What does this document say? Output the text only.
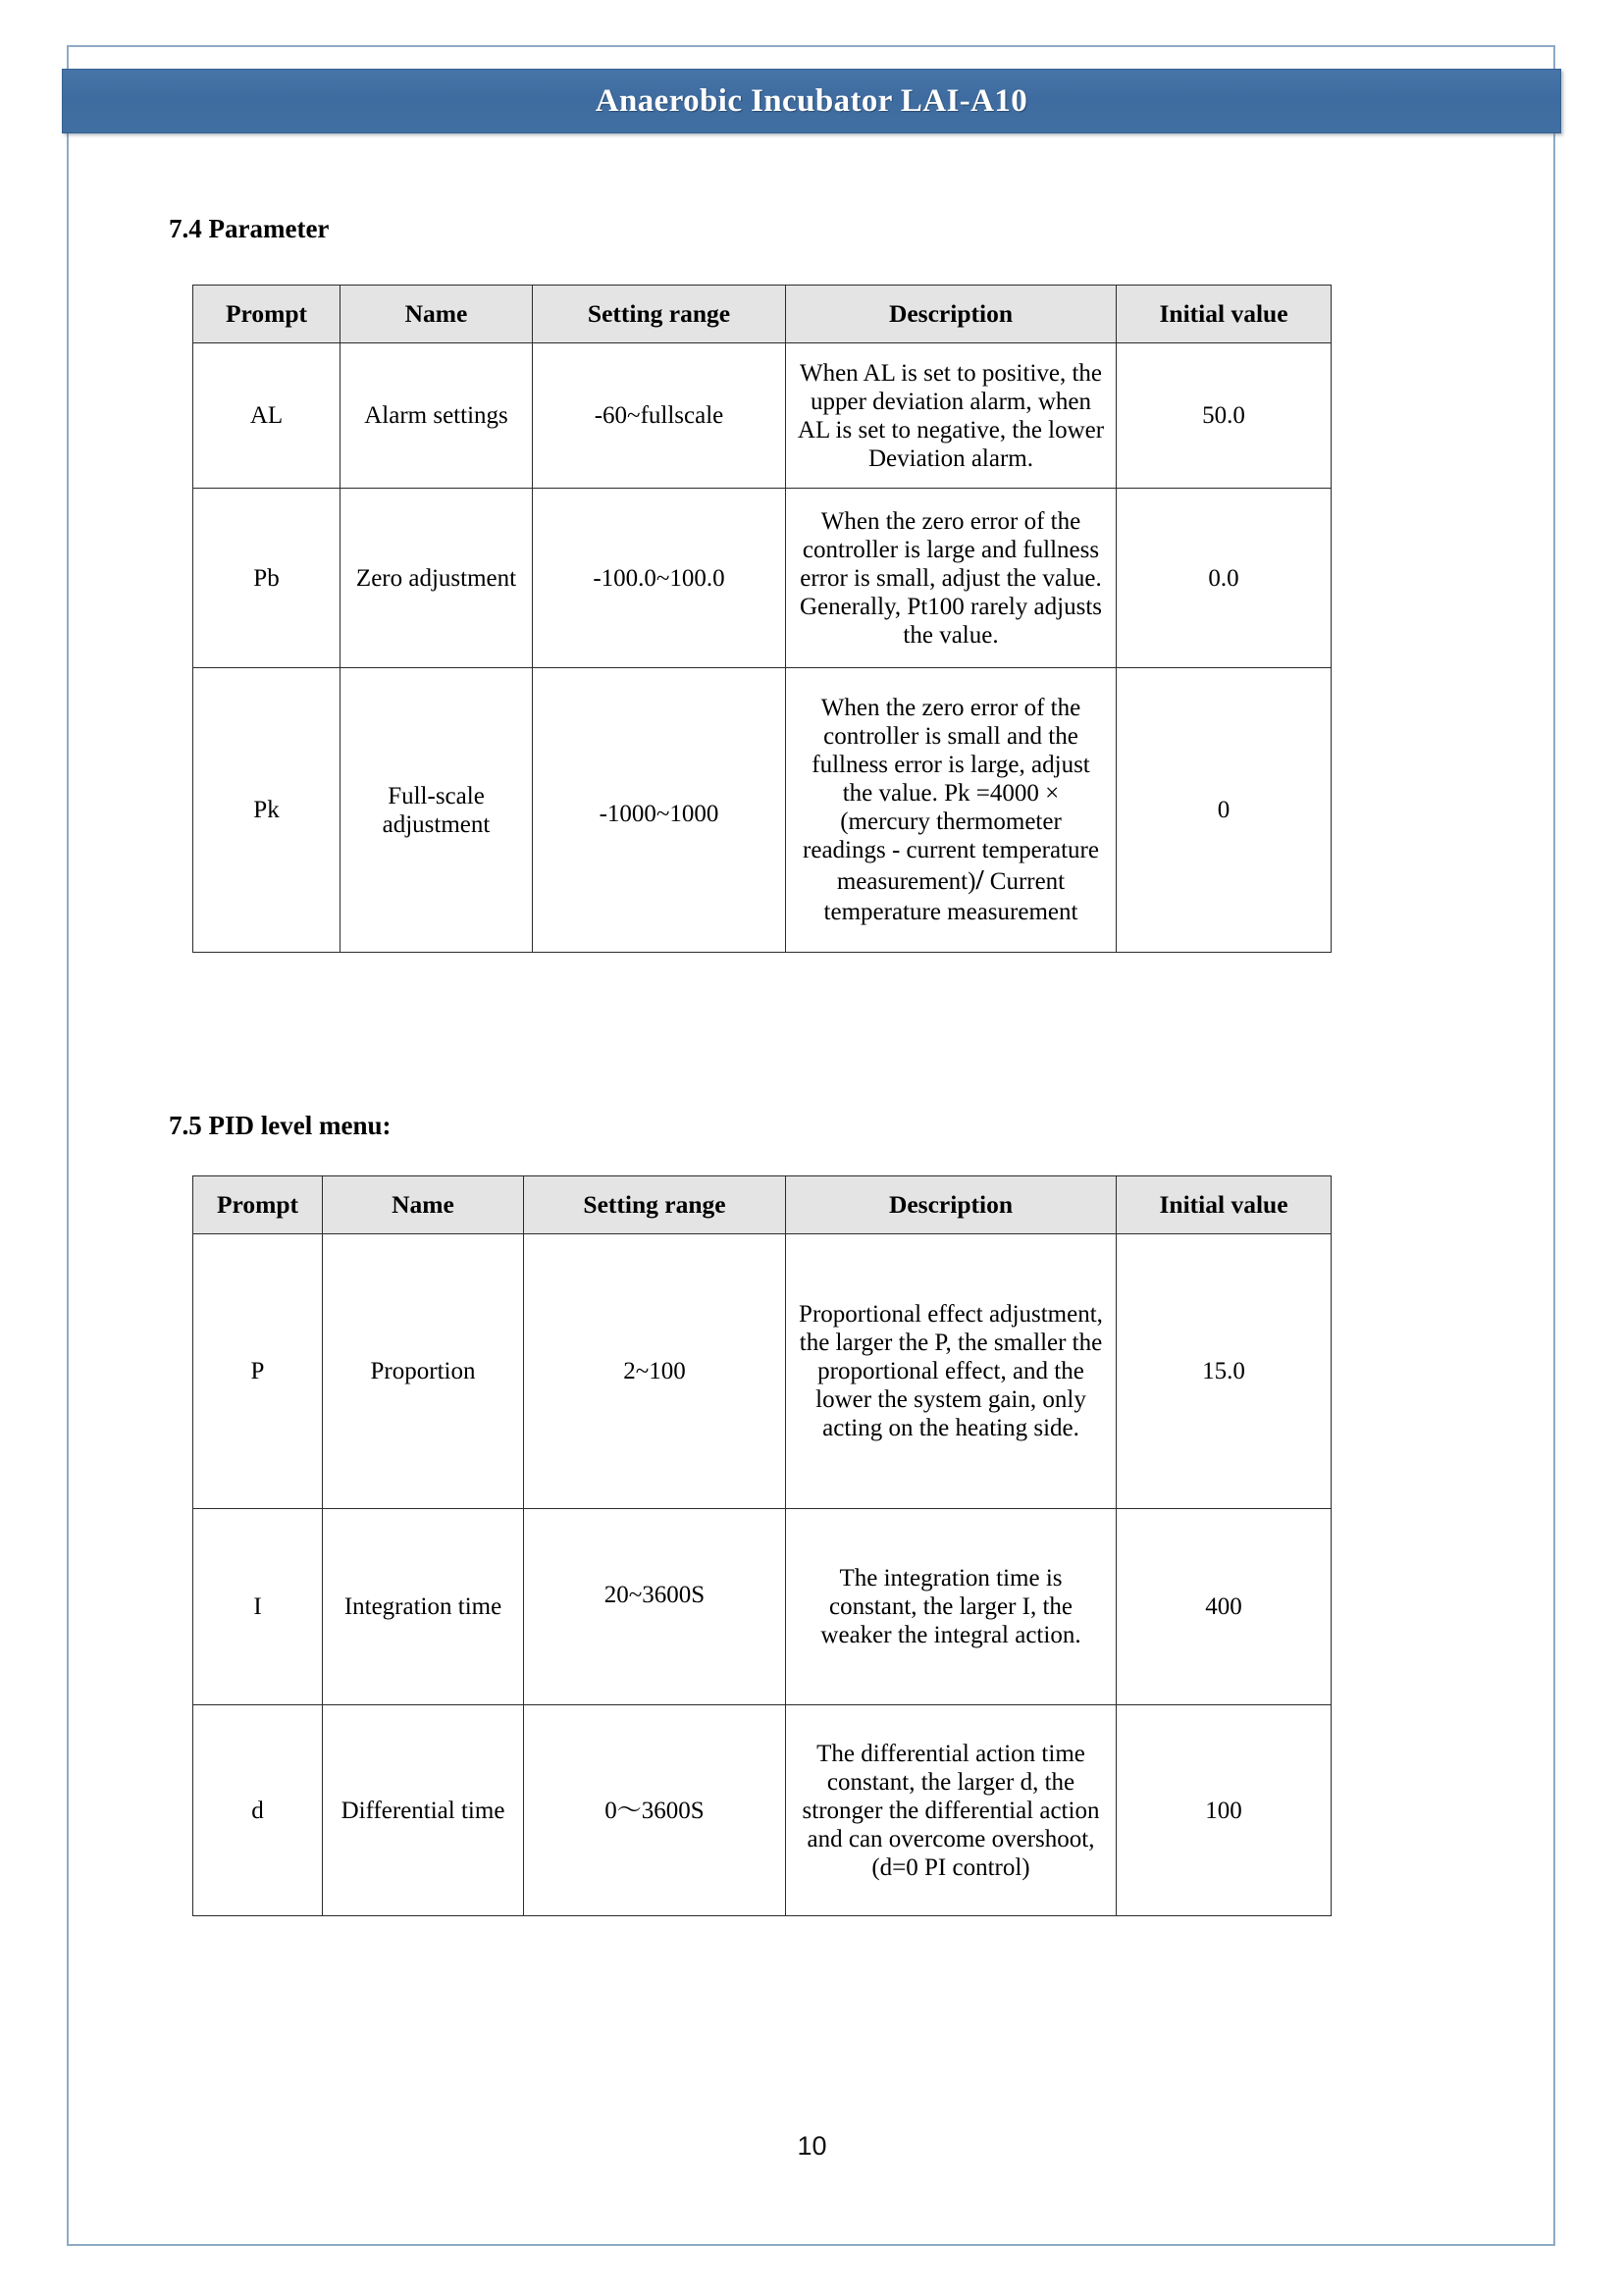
Anaerobic Incubator LAI-A10
7.4 Parameter
Prompt	Name	Setting range	Description	Initial value
AL	Alarm settings	-60~fullscale	When AL is set to positive, the upper deviation alarm, when AL is set to negative, the lower Deviation alarm.	50.0
Pb	Zero adjustment	-100.0~100.0	When the zero error of the controller is large and fullness error is small, adjust the value. Generally, Pt100 rarely adjusts the value.	0.0
Pk	Full-scale adjustment	-1000~1000	When the zero error of the controller is small and the fullness error is large, adjust the value. Pk =4000 × (mercury thermometer readings - current temperature measurement)/ Current temperature measurement	0
7.5 PID level menu:
Prompt	Name	Setting range	Description	Initial value
P	Proportion	2~100	Proportional effect adjustment, the larger the P, the smaller the proportional effect, and the lower the system gain, only acting on the heating side.	15.0
I	Integration time	20~3600S	The integration time is constant, the larger I, the weaker the integral action.	400
d	Differential time	0～3600S	The differential action time constant, the larger d, the stronger the differential action and can overcome overshoot, (d=0 PI control)	100
10
